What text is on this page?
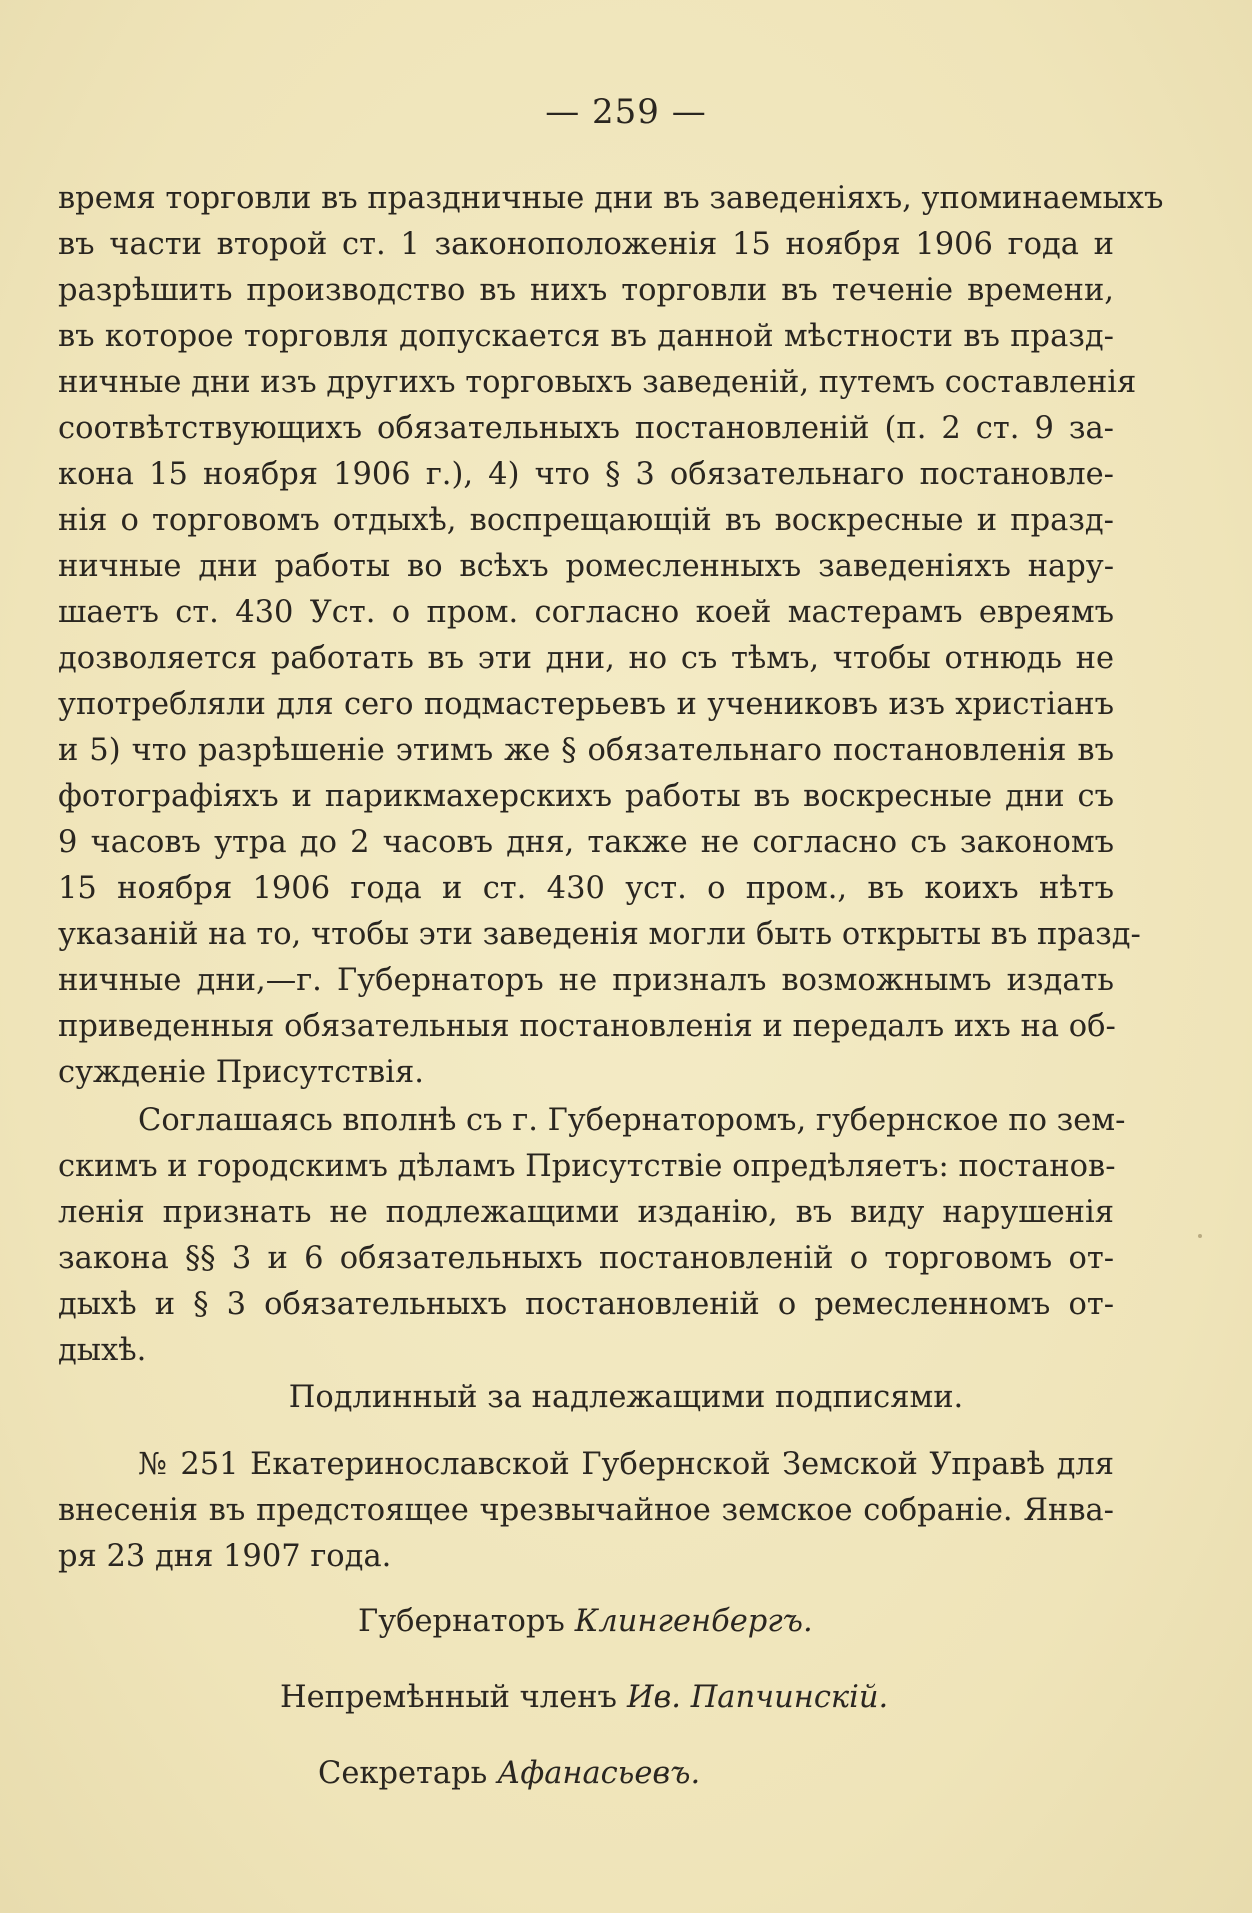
— 259 —
время торговли въ праздничные дни въ заведеніяхъ, упоминаемыхъ
въ части второй ст. 1 законоположенія 15 ноября 1906 года и
разрѣшить производство въ нихъ торговли въ теченіе времени,
въ которое торговля допускается въ данной мѣстности въ празд-
ничные дни изъ другихъ торговыхъ заведеній, путемъ составленія
соотвѣтствующихъ обязательныхъ постановленій (п. 2 ст. 9 за-
кона 15 ноября 1906 г.), 4) что § 3 обязательнаго постановле-
нія о торговомъ отдыхѣ, воспрещающій въ воскресные и празд-
ничные дни работы во всѣхъ ромесленныхъ заведеніяхъ нару-
шаетъ ст. 430 Уст. о пром. согласно коей мастерамъ евреямъ
дозволяется работать въ эти дни, но съ тѣмъ, чтобы отнюдь не
употребляли для сего подмастерьевъ и учениковъ изъ христіанъ
и 5) что разрѣшеніе этимъ же § обязательнаго постановленія въ
фотографіяхъ и парикмахерскихъ работы въ воскресные дни съ
9 часовъ утра до 2 часовъ дня, также не согласно съ закономъ
15 ноября 1906 года и ст. 430 уст. о пром., въ коихъ нѣтъ
указаній на то, чтобы эти заведенія могли быть открыты въ празд-
ничные дни,—г. Губернаторъ не призналъ возможнымъ издать
приведенныя обязательныя постановленія и передалъ ихъ на об-
сужденіе Присутствія.
Соглашаясь вполнѣ съ г. Губернаторомъ, губернское по зем-
скимъ и городскимъ дѣламъ Присутствіе опредѣляетъ: постанов-
ленія признать не подлежащими изданію, въ виду нарушенія
закона §§ 3 и 6 обязательныхъ постановленій о торговомъ от-
дыхѣ и § 3 обязательныхъ постановленій о ремесленномъ от-
дыхѣ.
Подлинный за надлежащими подписями.
№ 251 Екатеринославской Губернской Земской Управѣ для
внесенія въ предстоящее чрезвычайное земское собраніе. Янва-
ря 23 дня 1907 года.
Губернаторъ Клингенбергъ.
Непремѣнный членъ Ив. Папчинскій.
Секретарь Афанасьевъ.
